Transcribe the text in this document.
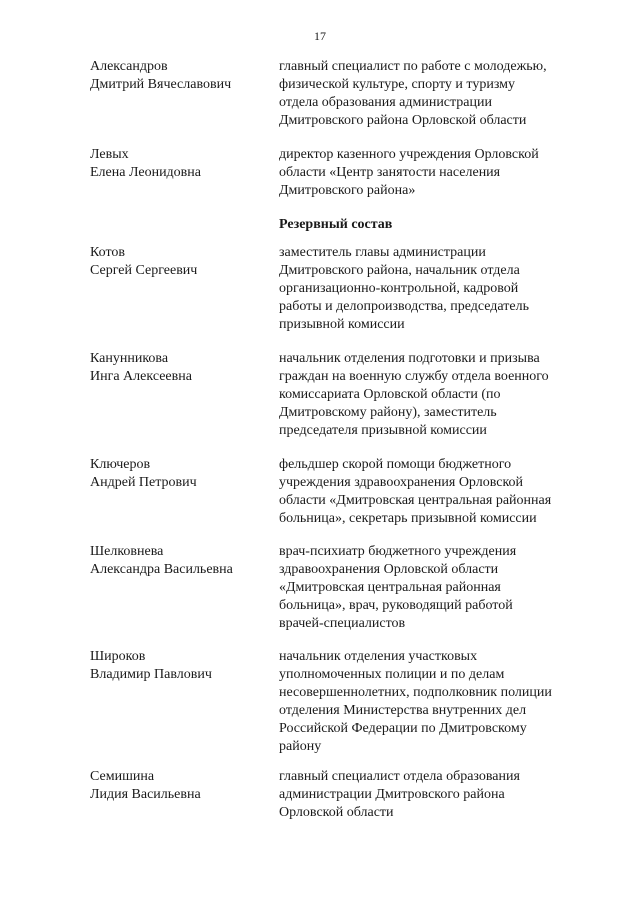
17
Александров
Дмитрий Вячеславович
главный специалист по работе с молодежью,
физической культуре, спорту и туризму
отдела образования администрации
Дмитровского района Орловской области
Левых
Елена Леонидовна
директор казенного учреждения Орловской
области «Центр занятости населения
Дмитровского района»
Резервный состав
Котов
Сергей Сергеевич
заместитель главы администрации
Дмитровского района, начальник отдела
организационно-контрольной, кадровой
работы и делопроизводства, председатель
призывной комиссии
Канунникова
Инга Алексеевна
начальник отделения подготовки и призыва
граждан на военную службу отдела военного
комиссариата Орловской области (по
Дмитровскому району), заместитель
председателя призывной комиссии
Ключеров
Андрей Петрович
фельдшер скорой помощи бюджетного
учреждения здравоохранения Орловской
области «Дмитровская центральная районная
больница», секретарь призывной комиссии
Шелковнева
Александра Васильевна
врач-психиатр бюджетного учреждения
здравоохранения Орловской области
«Дмитровская центральная районная
больница», врач, руководящий работой
врачей-специалистов
Широков
Владимир Павлович
начальник отделения участковых
уполномоченных полиции и по делам
несовершеннолетних, подполковник полиции
отделения Министерства внутренних дел
Российской Федерации по Дмитровскому
району
Семишина
Лидия Васильевна
главный специалист отдела образования
администрации Дмитровского района
Орловской области
